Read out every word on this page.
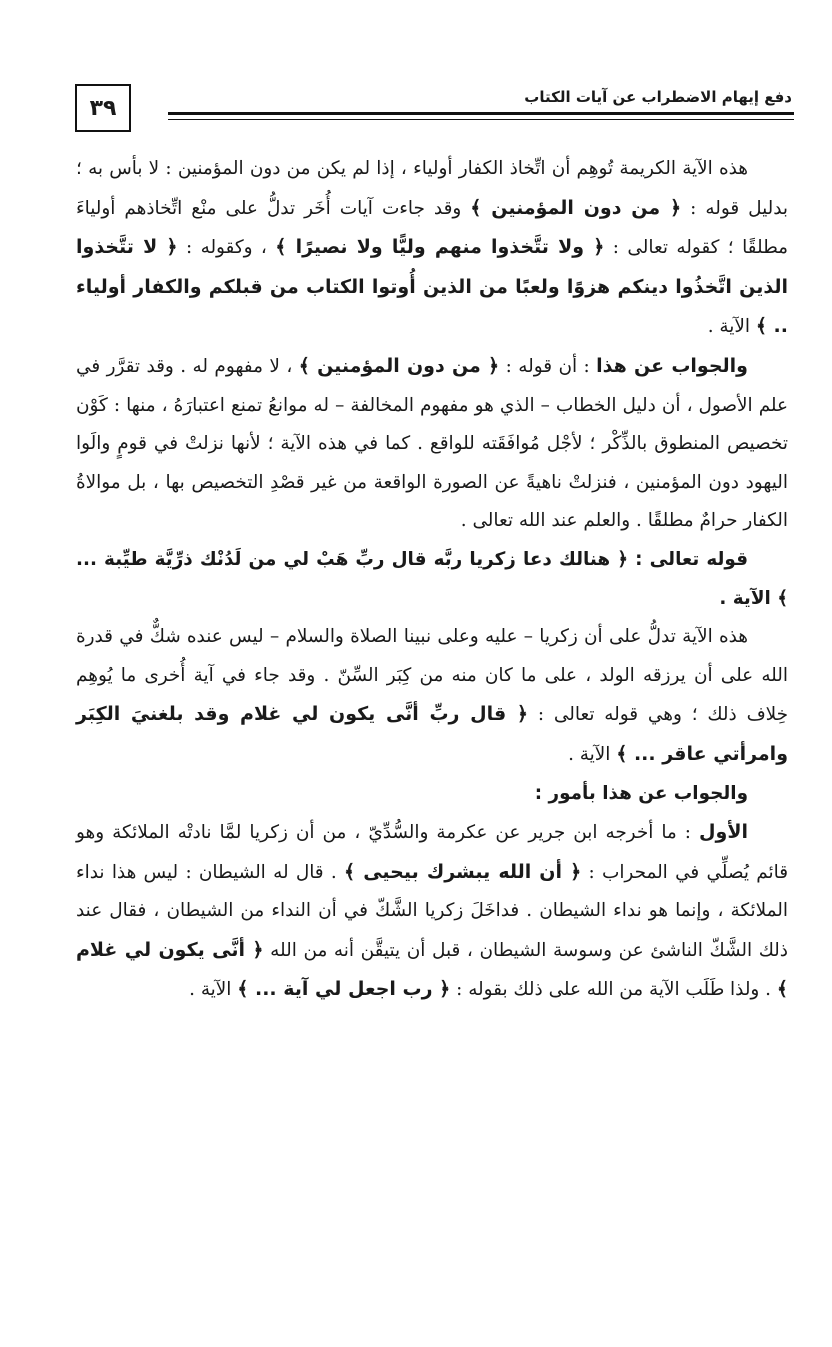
٣٩	دفع إيهام الاضطراب عن آيات الكتاب

هذه الآية الكريمة تُوهِم أن اتِّخاذ الكفار أولياء ، إذا لم يكن من دون المؤمنين : لا بأس به ؛ بدليل قوله : ﴿ من دون المؤمنين ﴾ وقد جاءت آيات أُخَر تدلُّ على منْع اتِّخاذهم أولياءَ مطلقًا ؛ كقوله تعالى : ﴿ ولا تتَّخذوا منهم وليًّا ولا نصيرًا ﴾ ، وكقوله : ﴿ لا تتَّخذوا الذين اتَّخذُوا دينكم هزوًا ولعبًا من الذين أُوتوا الكتاب من قبلكم والكفار أولياء .. ﴾ الآية .

والجواب عن هذا : أن قوله : ﴿ من دون المؤمنين ﴾ ، لا مفهوم له . وقد تقرَّر في علم الأصول ، أن دليل الخطاب – الذي هو مفهوم المخالفة – له موانعُ تمنع اعتبارَهُ ، منها : كَوْن تخصيص المنطوق بالذِّكْر ؛ لأجْل مُوافَقَته للواقع . كما في هذه الآية ؛ لأنها نزلتْ في قومٍ والَوا اليهود دون المؤمنين ، فنزلتْ ناهيةً عن الصورة الواقعة من غير قصْدِ التخصيص بها ، بل موالاةُ الكفار حرامٌ مطلقًا . والعلم عند الله تعالى .

قوله تعالى : ﴿ هنالك دعا زكريا ربَّه قال ربِّ هَبْ لي من لَدُنْك ذرِّيَّة طيِّبة ... ﴾ الآية .

هذه الآية تدلُّ على أن زكريا – عليه وعلى نبينا الصلاة والسلام – ليس عنده شكٌّ في قدرة الله على أن يرزقه الولد ، على ما كان منه من كِبَر السِّنّ . وقد جاء في آية أُخرى ما يُوهِم خِلاف ذلك ؛ وهي قوله تعالى : ﴿ قال ربِّ أنَّى يكون لي غلام وقد بلغنيَ الكِبَر وامرأتي عاقر ... ﴾ الآية .

والجواب عن هذا بأمور :

الأول : ما أخرجه ابن جرير عن عكرمة والسُّدِّيّ ، من أن زكريا لمَّا نادتْه الملائكة وهو قائم يُصلِّي في المحراب : ﴿ أن الله يبشرك بيحيى ﴾ . قال له الشيطان : ليس هذا نداء الملائكة ، وإنما هو نداء الشيطان . فداخَلَ زكريا الشَّكّ في أن النداء من الشيطان ، فقال عند ذلك الشَّكّ الناشئ عن وسوسة الشيطان ، قبل أن يتيقَّن أنه من الله ﴿ أنَّى يكون لي غلام ﴾ . ولذا طَلَب الآية من الله على ذلك بقوله : ﴿ رب اجعل لي آية ... ﴾ الآية .
